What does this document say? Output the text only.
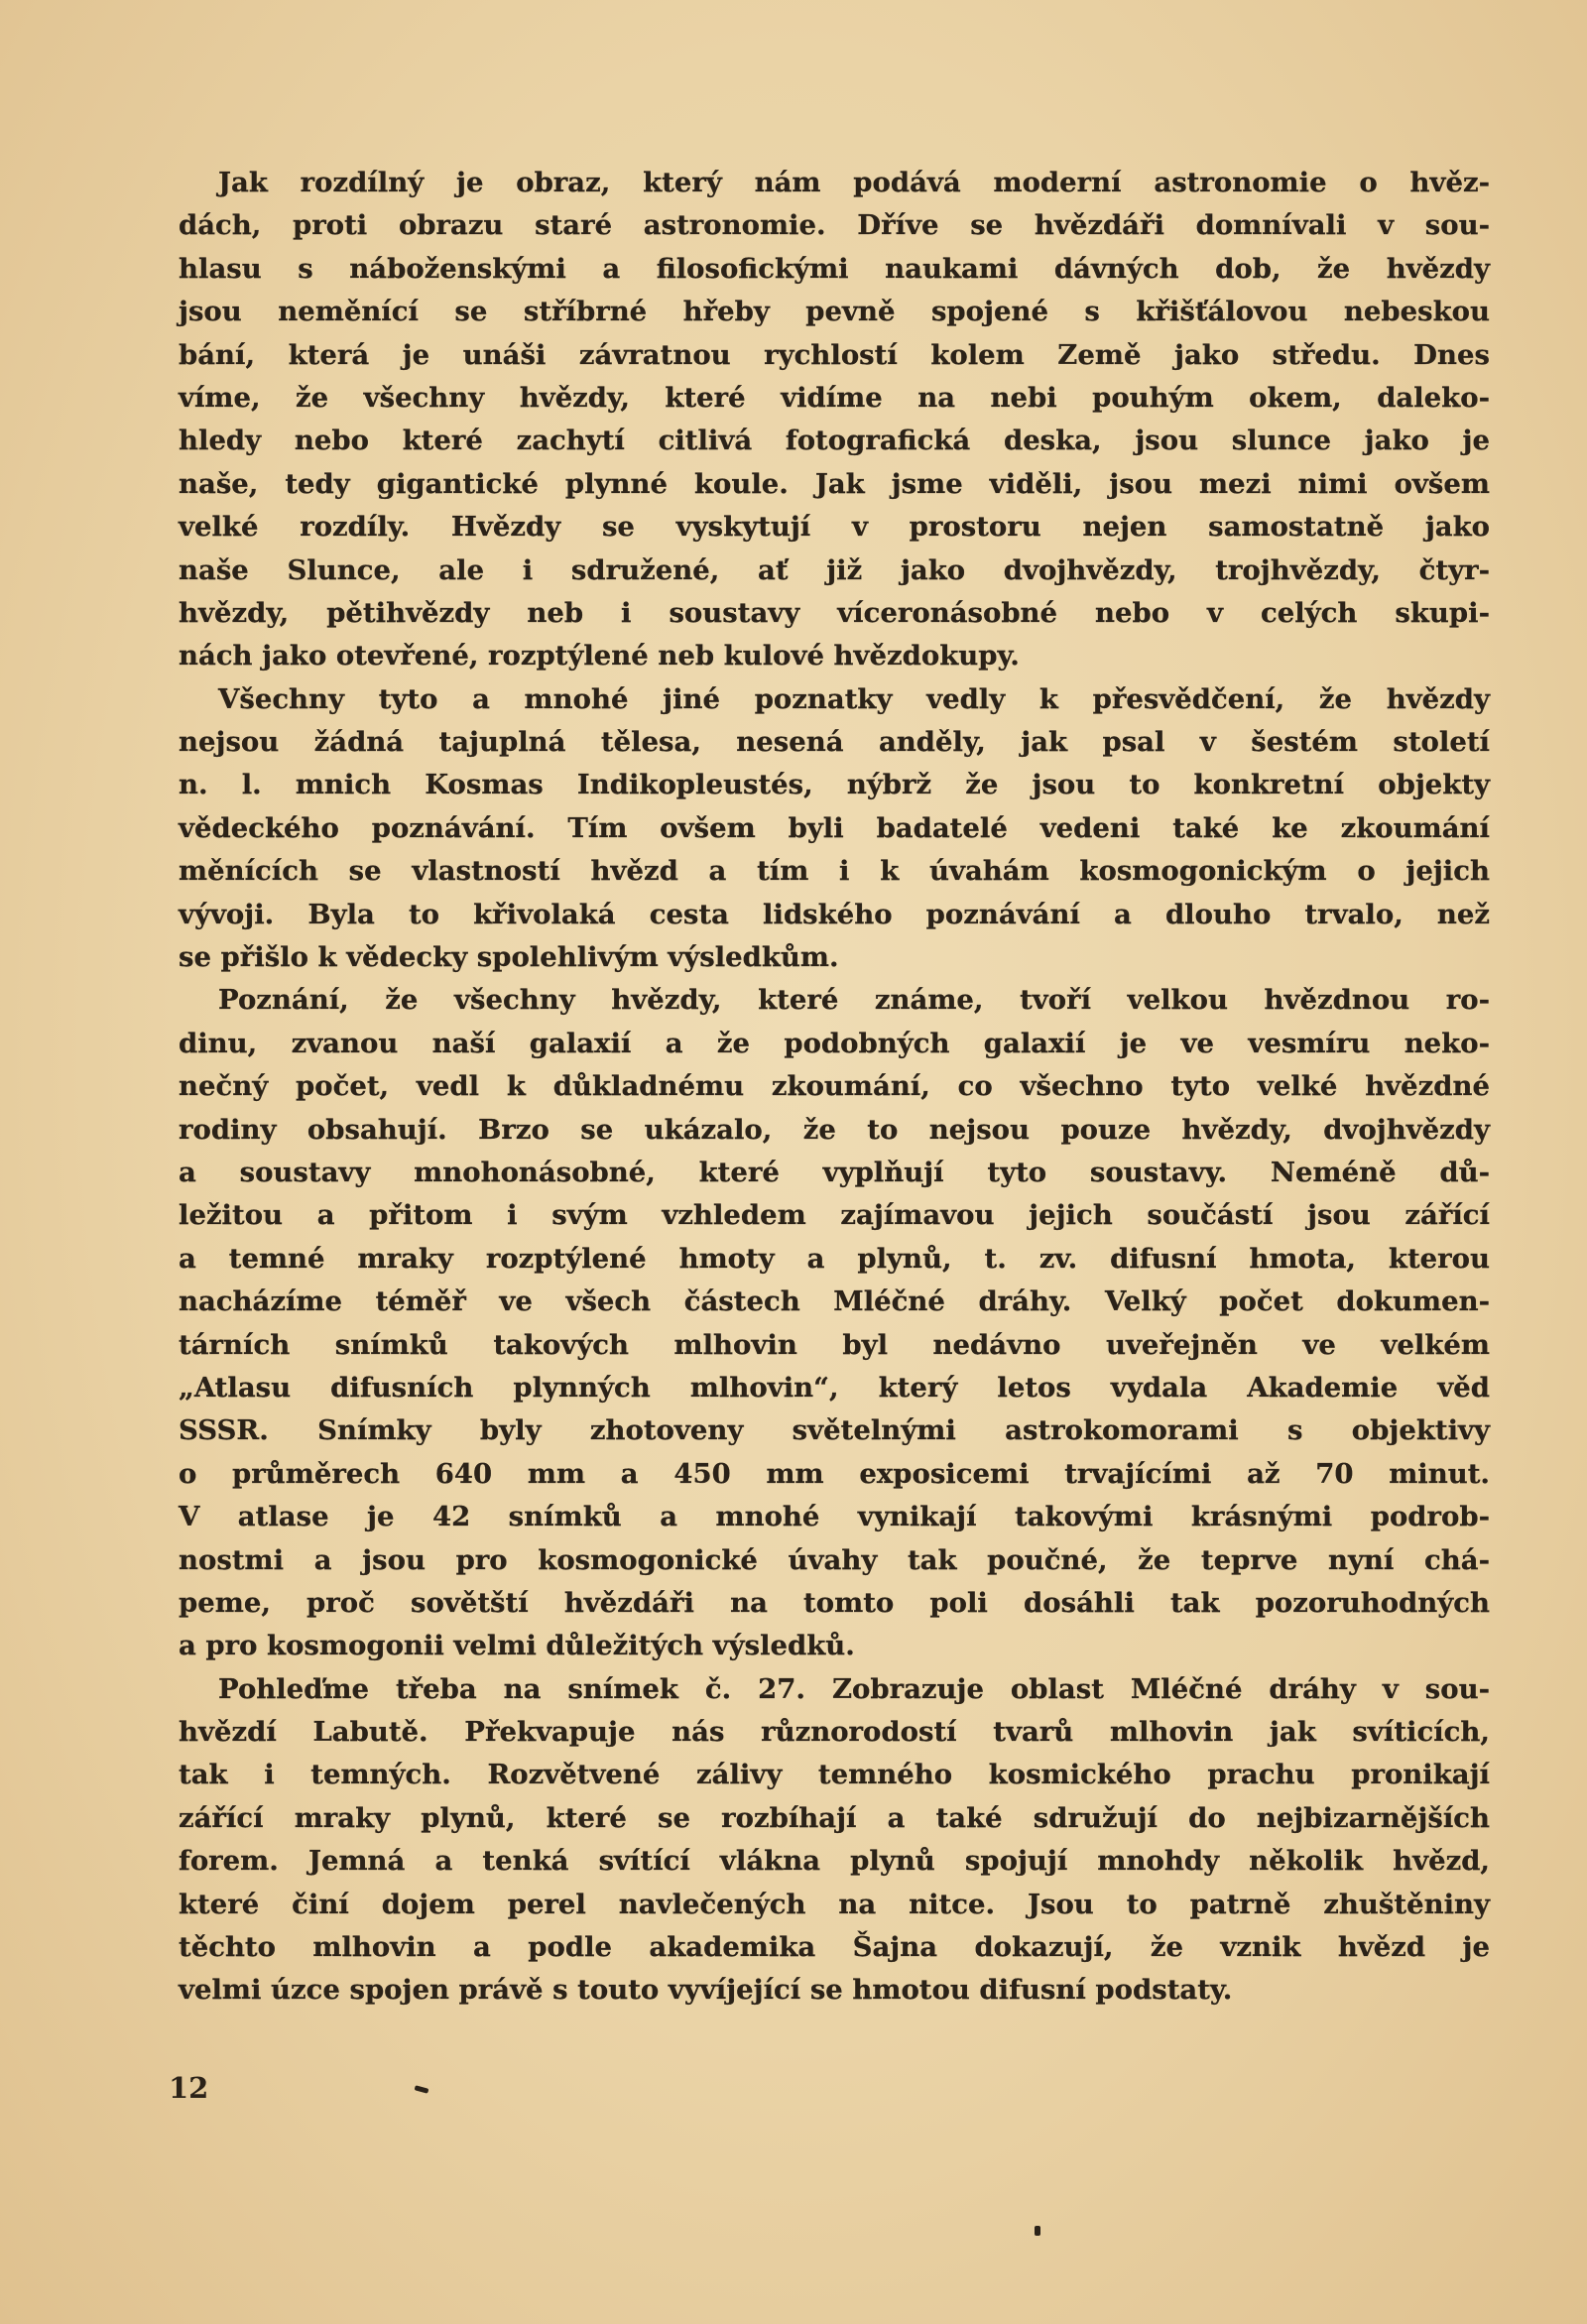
Jak rozdílný je obraz, který nám podává moderní astronomie o hvěz-
dách, proti obrazu staré astronomie. Dříve se hvězdáři domnívali v sou-
hlasu s náboženskými a filosofickými naukami dávných dob, že hvězdy
jsou neměnící se stříbrné hřeby pevně spojené s křišťálovou nebeskou
bání, která je unáši závratnou rychlostí kolem Země jako středu. Dnes
víme, že všechny hvězdy, které vidíme na nebi pouhým okem, daleko-
hledy nebo které zachytí citlivá fotografická deska, jsou slunce jako je
naše, tedy gigantické plynné koule. Jak jsme viděli, jsou mezi nimi ovšem
velké rozdíly. Hvězdy se vyskytují v prostoru nejen samostatně jako
naše Slunce, ale i sdružené, ať již jako dvojhvězdy, trojhvězdy, čtyr-
hvězdy, pětihvězdy neb i soustavy víceronásobné nebo v celých skupi-
nách jako otevřené, rozptýlené neb kulové hvězdokupy.
Všechny tyto a mnohé jiné poznatky vedly k přesvědčení, že hvězdy
nejsou žádná tajuplná tělesa, nesená anděly, jak psal v šestém století
n. l. mnich Kosmas Indikopleustés, nýbrž že jsou to konkretní objekty
vědeckého poznávání. Tím ovšem byli badatelé vedeni také ke zkoumání
měnících se vlastností hvězd a tím i k úvahám kosmogonickým o jejich
vývoji. Byla to křivolaká cesta lidského poznávání a dlouho trvalo, než
se přišlo k vědecky spolehlivým výsledkům.
Poznání, že všechny hvězdy, které známe, tvoří velkou hvězdnou ro-
dinu, zvanou naší galaxií a že podobných galaxií je ve vesmíru neko-
nečný počet, vedl k důkladnému zkoumání, co všechno tyto velké hvězdné
rodiny obsahují. Brzo se ukázalo, že to nejsou pouze hvězdy, dvojhvězdy
a soustavy mnohonásobné, které vyplňují tyto soustavy. Neméně dů-
ležitou a přitom i svým vzhledem zajímavou jejich součástí jsou zářící
a temné mraky rozptýlené hmoty a plynů, t. zv. difusní hmota, kterou
nacházíme téměř ve všech částech Mléčné dráhy. Velký počet dokumen-
tárních snímků takových mlhovin byl nedávno uveřejněn ve velkém
„Atlasu difusních plynných mlhovin“, který letos vydala Akademie věd
SSSR. Snímky byly zhotoveny světelnými astrokomorami s objektivy
o průměrech 640 mm a 450 mm exposicemi trvajícími až 70 minut.
V atlase je 42 snímků a mnohé vynikají takovými krásnými podrob-
nostmi a jsou pro kosmogonické úvahy tak poučné, že teprve nyní chá-
peme, proč sovětští hvězdáři na tomto poli dosáhli tak pozoruhodných
a pro kosmogonii velmi důležitých výsledků.
Pohleďme třeba na snímek č. 27. Zobrazuje oblast Mléčné dráhy v sou-
hvězdí Labutě. Překvapuje nás různorodostí tvarů mlhovin jak svíticích,
tak i temných. Rozvětvené zálivy temného kosmického prachu pronikají
zářící mraky plynů, které se rozbíhají a také sdružují do nejbizarnějších
forem. Jemná a tenká svítící vlákna plynů spojují mnohdy několik hvězd,
které činí dojem perel navlečených na nitce. Jsou to patrně zhuštěniny
těchto mlhovin a podle akademika Šajna dokazují, že vznik hvězd je
velmi úzce spojen právě s touto vyvíjející se hmotou difusní podstaty.
12
